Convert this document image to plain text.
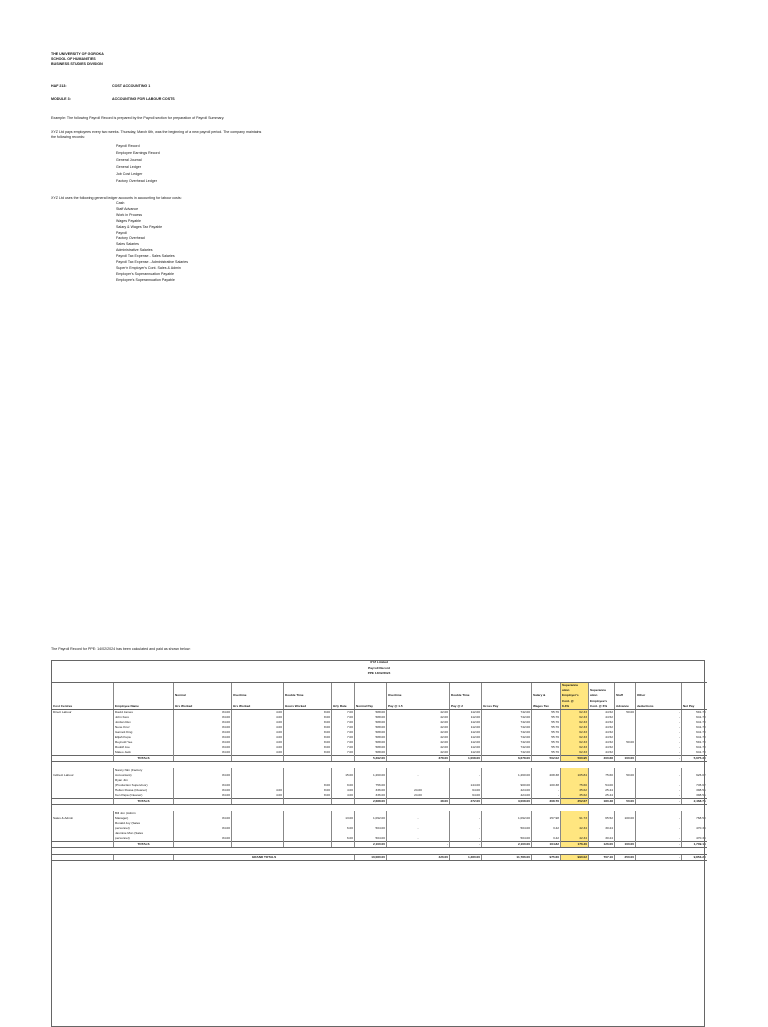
THE UNIVERSITY OF GOROKA
SCHOOL OF HUMANITIES
BUSINESS STUDIES DIVISION
HAF 213:	COST ACCOUNTING 1
MODULE 3:	ACCOUNTING FOR LABOUR COSTS
Example: The following Payroll Record is prepared by the Payroll section for preparation of Payroll Summary.
XYZ Ltd pays employees every two weeks. Thursday, March 6th, was the beginning of a new payroll period. The company maintains
the following records:
Payroll Record
Employee Earnings Record
General Journal
General Ledger
Job Cost Ledger
Factory Overhead Ledger
XYZ Ltd uses the following general ledger accounts in accounting for labour costs:
Cash
Staff Advance
Work in Process
Wages Payable
Salary & Wages Tax Payable
Payroll
Factory Overhead
Sales Salaries
Administrative Salaries
Payroll Tax Expense - Sales Salaries
Payroll Tax Expense - Administrative Salaries
Super'n Employer's Cont. Sales & Admin
Employer's Superannuation Payable
Employee's Superannuation Payable
The Payroll Record for PPE: 14/02/2024 has been calculated and paid as shown below:
XYZ Limited															
Payroll Record															
PPE 14/02/2024															

											Superannu				
											ation	Superannu			
		Normal	Overtime	Double Time			Overtime	Double Time		Salary &	Employer's	ation	Staff	Other	
											Cont. @	Employee's			
Cost Centres	Employee Name	Hrs Worked	Hrs Worked	Hours Worked	Hrly Rate	Normal Pay	Pay @ 1.5	Pay @ 2	Gross Pay	Wages Tax	8.4%	Cont. @ 6%	Advance	deductions	Net Pay
Direct Labour	David James	84.00	4.00	8.00	7.00	588.00	42.00	112.00	742.00	55.76	62.33	44.52	50.00	-	591.70
	John Kero	84.00	4.00	8.00	7.00	588.00	42.00	112.00	742.00	55.76	62.33	44.52		-	641.70
	Jordan Rex	84.00	4.00	8.00	7.00	588.00	42.00	112.00	742.00	55.76	62.33	44.52		-	641.70
	Nene Kruz	84.00	4.00	8.00	7.00	588.00	42.00	112.00	742.00	55.76	62.33	44.52		-	641.70
	Garnett King	84.00	4.00	8.00	7.00	588.00	42.00	112.00	742.00	55.76	62.33	44.52		-	641.70
	Elijah Kupa	84.00	4.00	8.00	7.00	588.00	42.00	112.00	742.00	55.76	62.33	44.52		-	641.70
	Reynold Yee	84.00	4.00	8.00	7.00	588.00	42.00	112.00	742.00	55.76	62.33	44.52	50.00	-	591.70
	Rudolf Joe	84.00	4.00	8.00	7.00	588.00	42.00	112.00	742.00	55.76	62.33	44.52		-	641.70
	Mateo Jack	84.00	4.00	8.00	7.00	588.00	42.00	112.00	742.00	55.76	62.33	44.52		-	641.70
	TOTALS					5,292.00	378.00	1,008.00	6,678.00	502.02	560.95	400.68	100.00	-	5,675.30

	Nancy Nim (Factory														
Indirect Labour	Accountant)	84.00			15.00	1,260.00	-	-	1,260.00	208.38	105.84	75.60	50.00	-	926.02
	Ryan Jim														
	(Production Supervisor)	84.00		8.00	9.00	756.00		144.00	900.00	100.38	75.60	54.00		-	745.62
	Hellen Rossa (Cleaner)	84.00	4.00	8.00	4.00	336.00	24.00	64.00	424.00	-	35.62	25.44		-	398.56
	Ken Papa (Cleaner)	84.00	4.00	8.00	4.00	336.00	24.00	64.00	424.00	-	35.62	25.44		-	398.56
	TOTALS					2,688.00	48.00	272.00	3,008.00	308.76	252.67	180.48	50.00	-	2,468.76

	Bill Jon (Admin														
Sales & Admin	Manager)	84.00			13.00	1,092.00	-	-	1,092.00	157.98	91.73	65.52	100.00	-	768.50
	Ronald Joy (Sales														
	personnel)	84.00			6.00	504.00	-	-	504.00	3.42	42.34	30.24		-	470.34
	Jasmine Mon (Sales														
	personnel)	84.00			6.00	504.00	-	-	504.00	3.42	42.34	30.24		-	470.34
	TOTALS					2,100.00	-	-	2,100.00	164.82	176.40	126.00	100.00	-	1,709.18

		GRAND TOTALS				10,080.00	426.00	1,280.00	11,786.00	975.60	990.02	707.16	250.00	-	9,853.24
